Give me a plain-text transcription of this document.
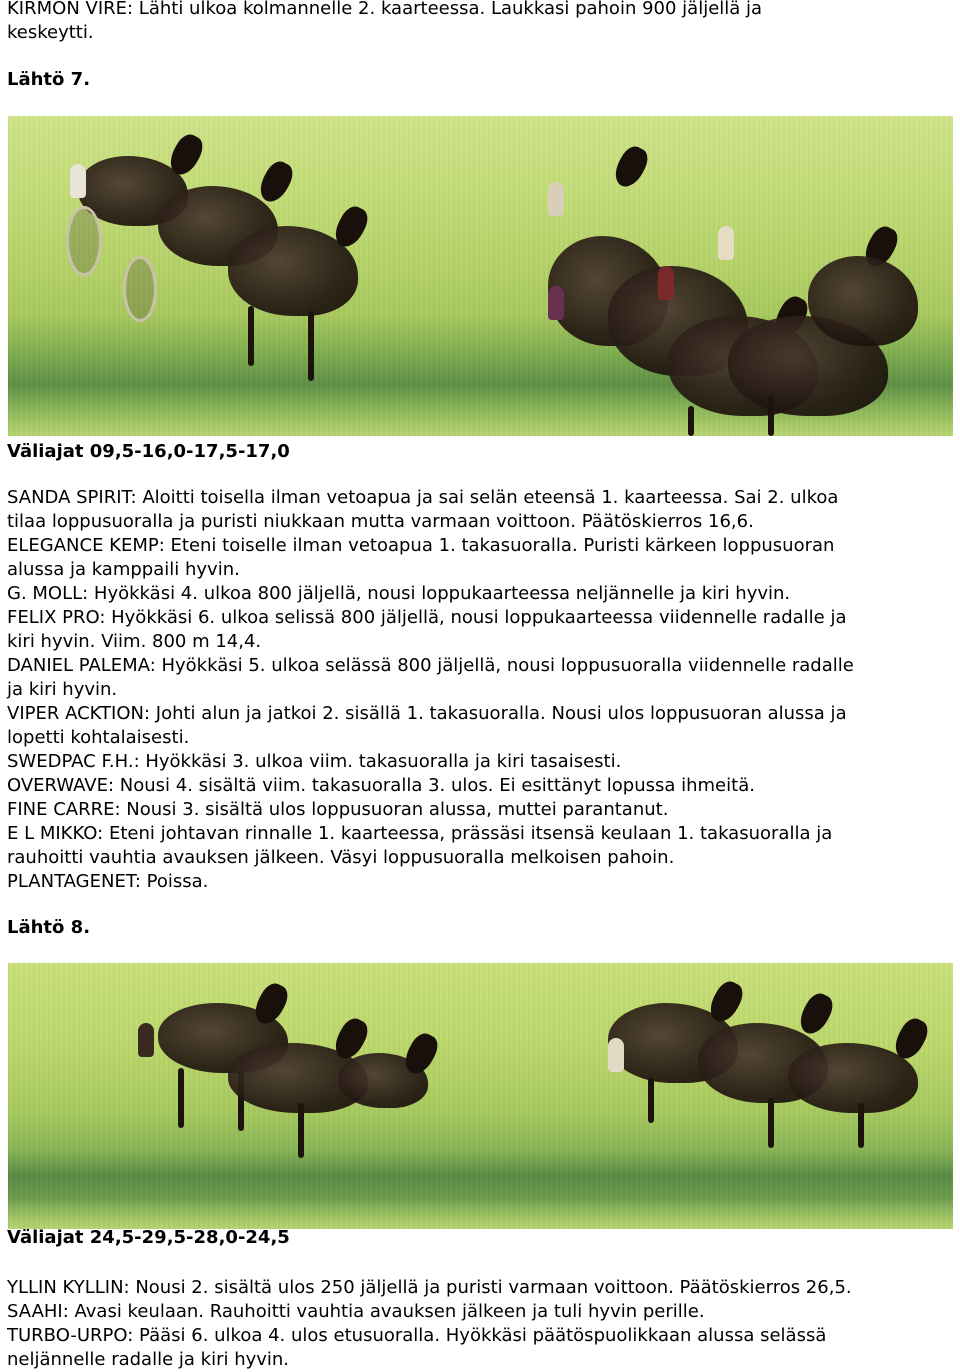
KIRMON VIRE: Lähti ulkoa kolmannelle 2. kaarteessa. Laukkasi pahoin 900 jäljellä ja

keskeytti.

Lähtö 7.
Väliajat 09,5-16,0-17,5-17,0

SANDA SPIRIT: Aloitti toisella ilman vetoapua ja sai selän eteensä 1. kaarteessa. Sai 2. ulkoa

tilaa loppusuoralla ja puristi niukkaan mutta varmaan voittoon. Päätöskierros 16,6.

ELEGANCE KEMP: Eteni toiselle ilman vetoapua 1. takasuoralla. Puristi kärkeen loppusuoran

alussa ja kamppaili hyvin.

G. MOLL: Hyökkäsi 4. ulkoa 800 jäljellä, nousi loppukaarteessa neljännelle ja kiri hyvin.

FELIX PRO: Hyökkäsi 6. ulkoa selissä 800 jäljellä, nousi loppukaarteessa viidennelle radalle ja

kiri hyvin. Viim. 800 m 14,4.

DANIEL PALEMA: Hyökkäsi 5. ulkoa selässä 800 jäljellä, nousi loppusuoralla viidennelle radalle

ja kiri hyvin.

VIPER ACKTION: Johti alun ja jatkoi 2. sisällä 1. takasuoralla. Nousi ulos loppusuoran alussa ja

lopetti kohtalaisesti.

SWEDPAC F.H.: Hyökkäsi 3. ulkoa viim. takasuoralla ja kiri tasaisesti.

OVERWAVE: Nousi 4. sisältä viim. takasuoralla 3. ulos. Ei esittänyt lopussa ihmeitä.

FINE CARRE: Nousi 3. sisältä ulos loppusuoran alussa, muttei parantanut.

E L MIKKO: Eteni johtavan rinnalle 1. kaarteessa, prässäsi itsensä keulaan 1. takasuoralla ja

rauhoitti vauhtia avauksen jälkeen. Väsyi loppusuoralla melkoisen pahoin.

PLANTAGENET: Poissa.

Lähtö 8.
Väliajat 24,5-29,5-28,0-24,5

YLLIN KYLLIN: Nousi 2. sisältä ulos 250 jäljellä ja puristi varmaan voittoon. Päätöskierros 26,5.

SAAHI: Avasi keulaan. Rauhoitti vauhtia avauksen jälkeen ja tuli hyvin perille.

TURBO-URPO: Pääsi 6. ulkoa 4. ulos etusuoralla. Hyökkäsi päätöspuolikkaan alussa selässä

neljännelle radalle ja kiri hyvin.
